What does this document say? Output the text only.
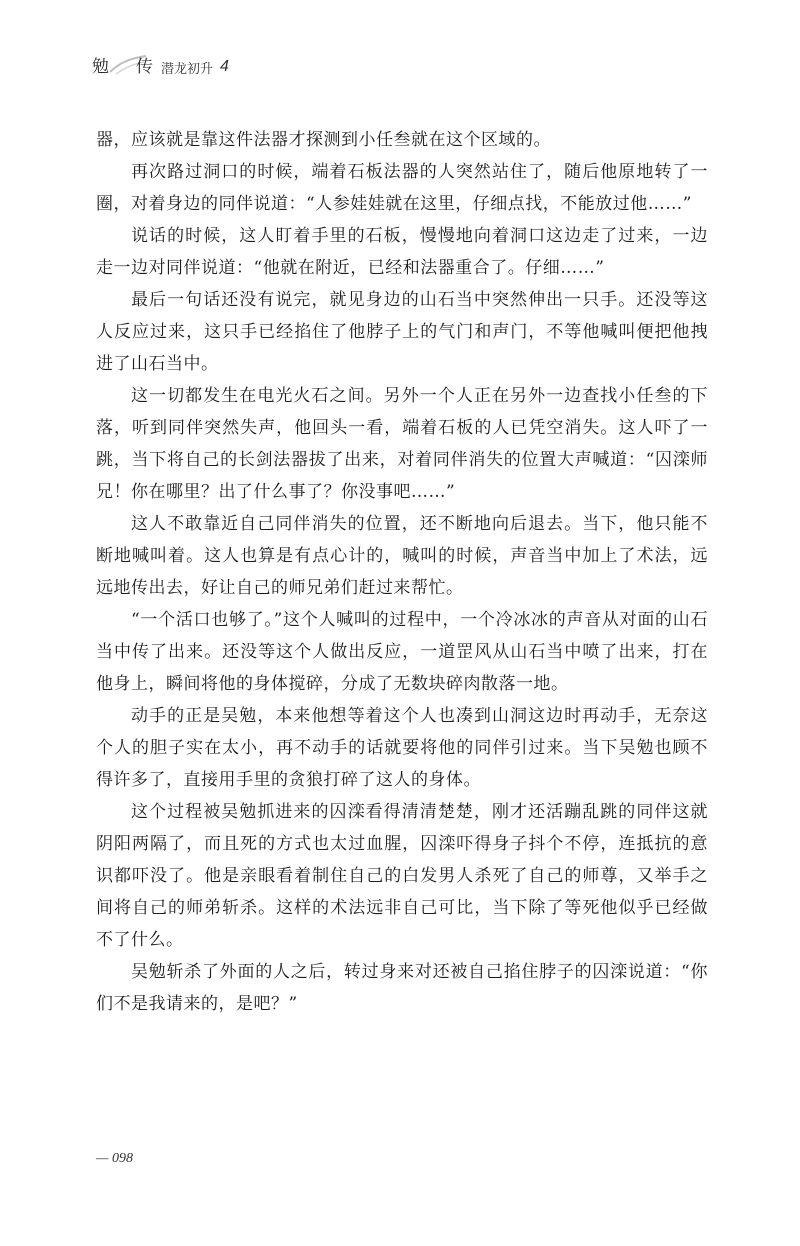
勉 传 潜龙初升 4

器，应该就是靠这件法器才探测到小任叁就在这个区域的。

再次路过洞口的时候，端着石板法器的人突然站住了，随后他原地转了一圈，对着身边的同伴说道：“人参娃娃就在这里，仔细点找，不能放过他……”

说话的时候，这人盯着手里的石板，慢慢地向着洞口这边走了过来，一边走一边对同伴说道：“他就在附近，已经和法器重合了。仔细……”

最后一句话还没有说完，就见身边的山石当中突然伸出一只手。还没等这人反应过来，这只手已经掐住了他脖子上的气门和声门，不等他喊叫便把他拽进了山石当中。

这一切都发生在电光火石之间。另外一个人正在另外一边查找小任叁的下落，听到同伴突然失声，他回头一看，端着石板的人已凭空消失。这人吓了一跳，当下将自己的长剑法器拔了出来，对着同伴消失的位置大声喊道：“囚滦师兄！你在哪里？出了什么事了？你没事吧……”

这人不敢靠近自己同伴消失的位置，还不断地向后退去。当下，他只能不断地喊叫着。这人也算是有点心计的，喊叫的时候，声音当中加上了术法，远远地传出去，好让自己的师兄弟们赶过来帮忙。

“一个活口也够了。”这个人喊叫的过程中，一个冷冰冰的声音从对面的山石当中传了出来。还没等这个人做出反应，一道罡风从山石当中喷了出来，打在他身上，瞬间将他的身体搅碎，分成了无数块碎肉散落一地。

动手的正是吴勉，本来他想等着这个人也凑到山洞这边时再动手，无奈这个人的胆子实在太小，再不动手的话就要将他的同伴引过来。当下吴勉也顾不得许多了，直接用手里的贪狼打碎了这人的身体。

这个过程被吴勉抓进来的囚滦看得清清楚楚，刚才还活蹦乱跳的同伴这就阴阳两隔了，而且死的方式也太过血腥，囚滦吓得身子抖个不停，连抵抗的意识都吓没了。他是亲眼看着制住自己的白发男人杀死了自己的师尊，又举手之间将自己的师弟斩杀。这样的术法远非自己可比，当下除了等死他似乎已经做不了什么。

吴勉斩杀了外面的人之后，转过身来对还被自己掐住脖子的囚滦说道：“你们不是我请来的，是吧？”

— 098
